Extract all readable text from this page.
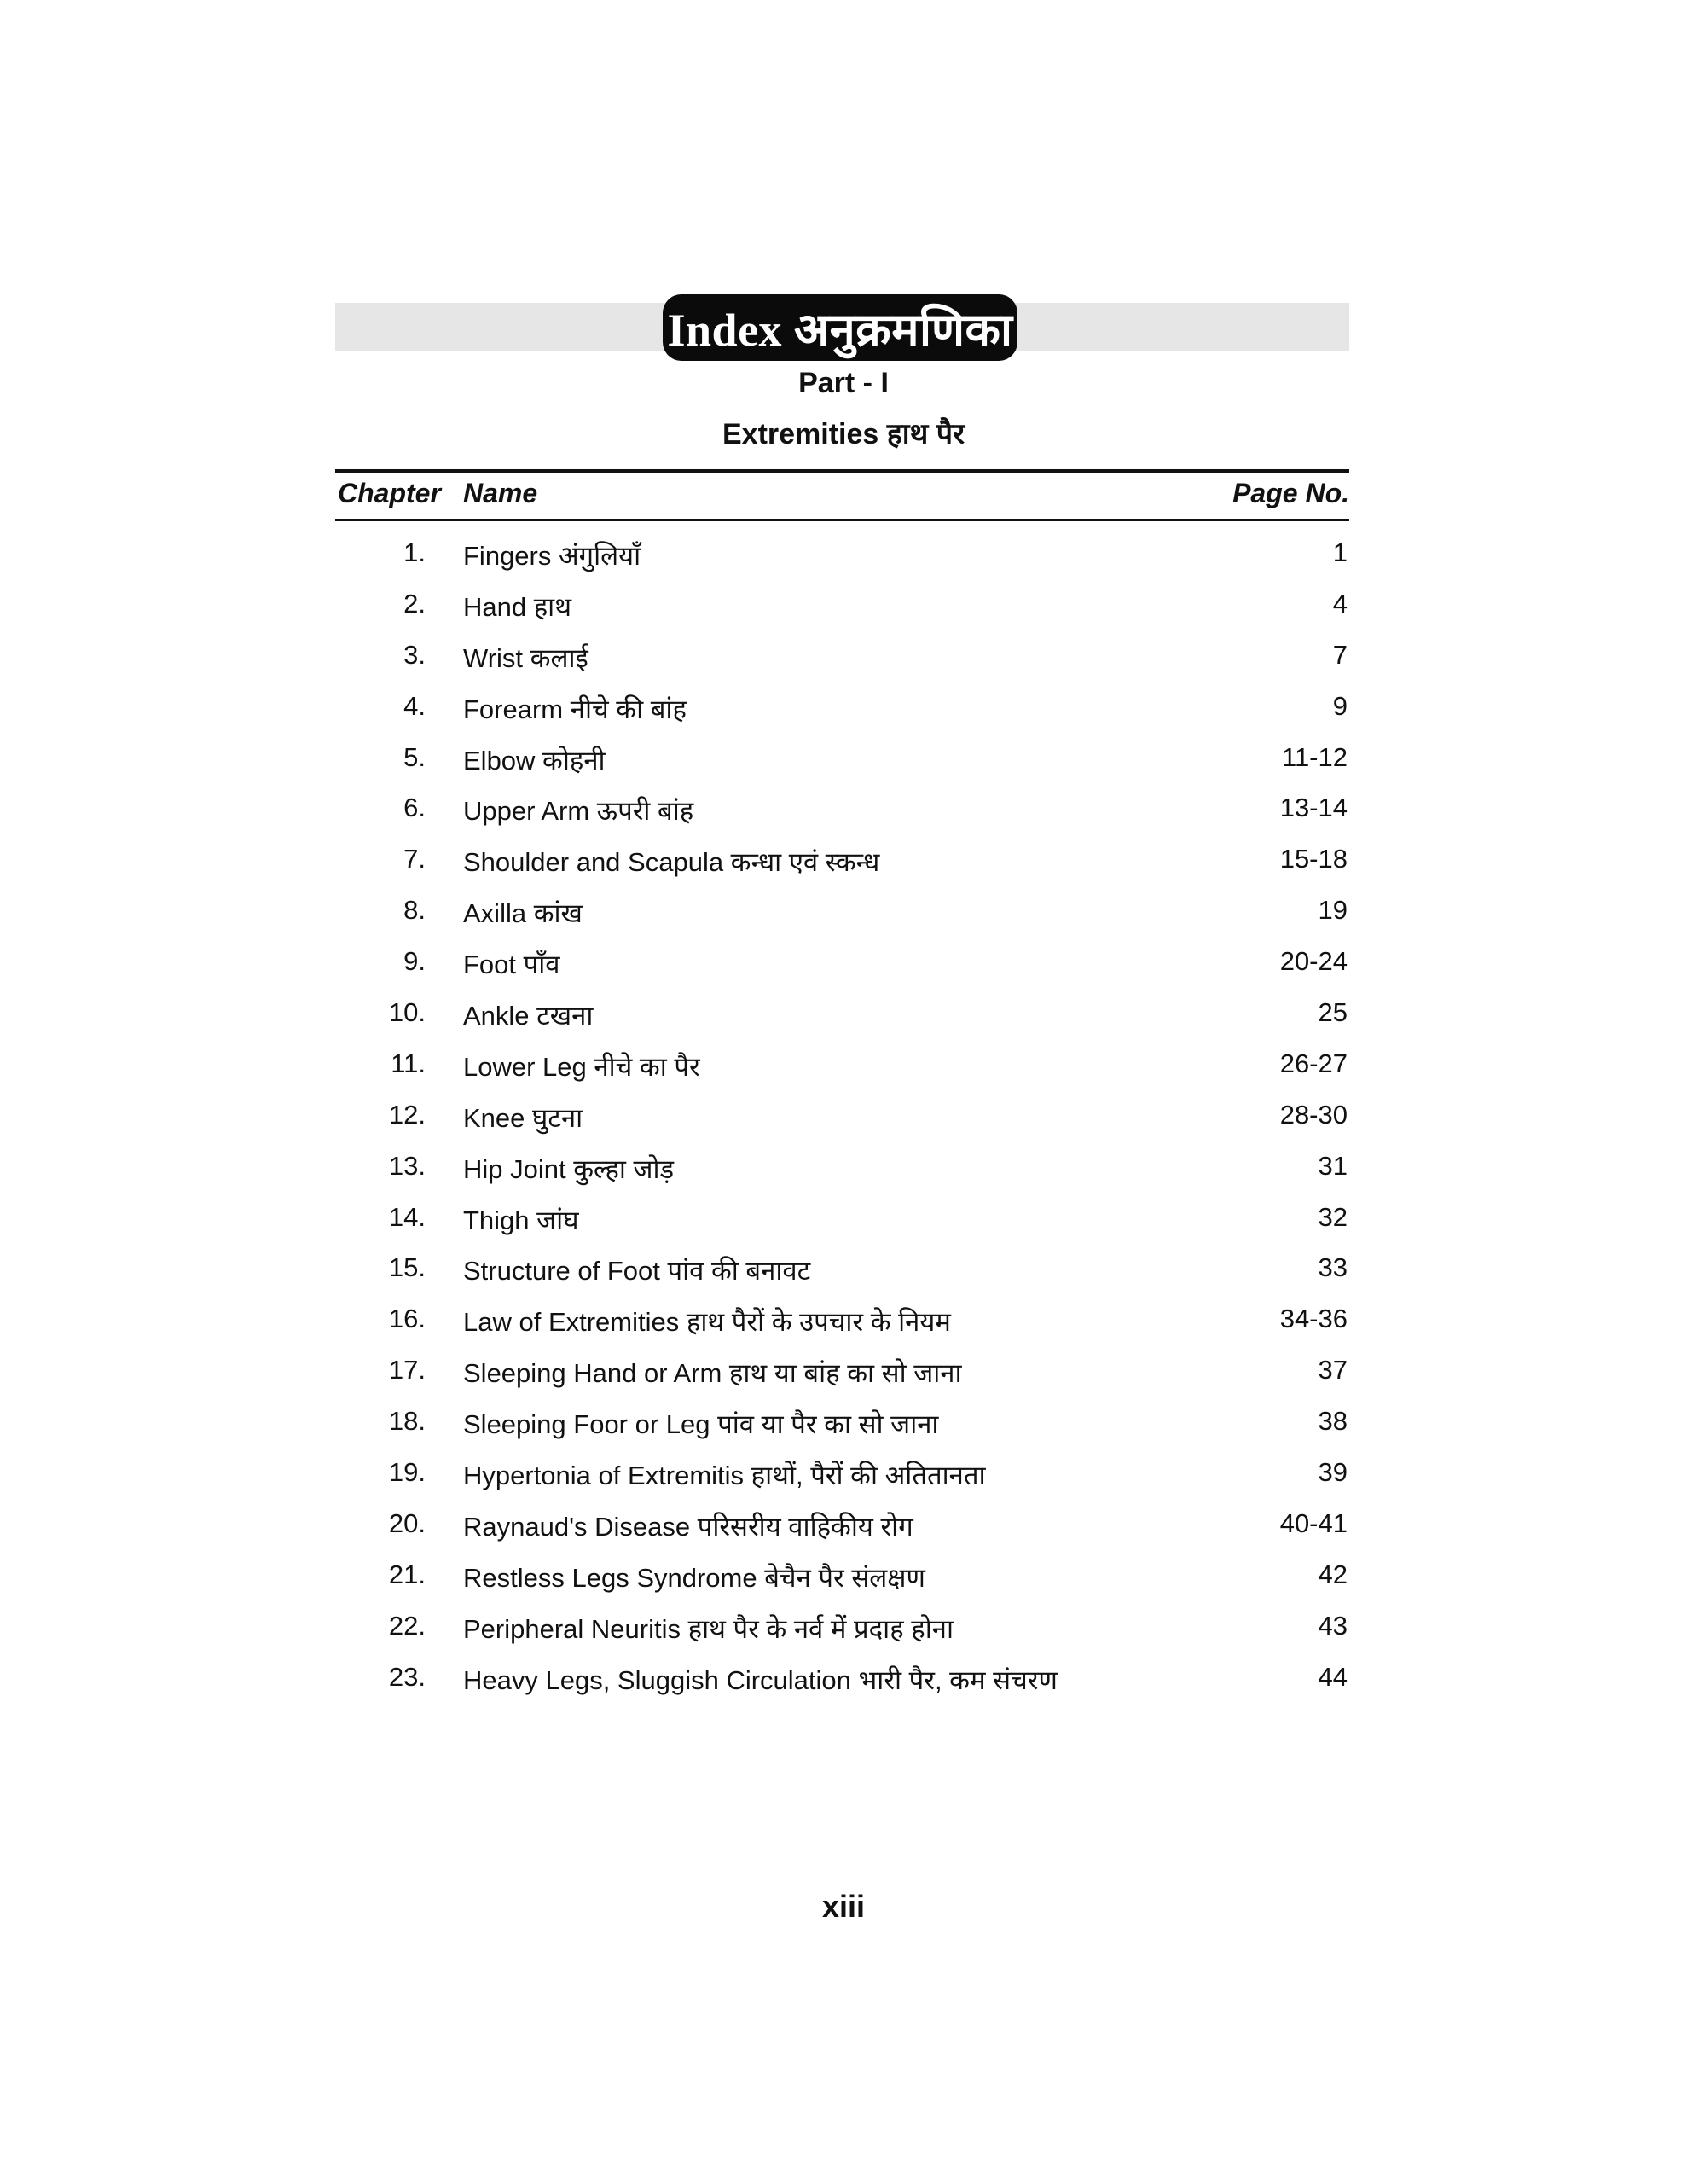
Index अनुक्रमणिका
Part - I
Extremities हाथ पैर
Chapter Name	Page No.
1. Fingers अंगुलियाँ	1
2. Hand हाथ	4
3. Wrist कलाई	7
4. Forearm नीचे की बांह	9
5. Elbow कोहनी	11-12
6. Upper Arm ऊपरी बांह	13-14
7. Shoulder and Scapula कन्धा एवं स्कन्ध	15-18
8. Axilla कांख	19
9. Foot पाँव	20-24
10. Ankle टखना	25
11. Lower Leg नीचे का पैर	26-27
12. Knee घुटना	28-30
13. Hip Joint कुल्हा जोड़	31
14. Thigh जांघ	32
15. Structure of Foot पांव की बनावट	33
16. Law of Extremities हाथ पैरों के उपचार के नियम	34-36
17. Sleeping Hand or Arm हाथ या बांह का सो जाना	37
18. Sleeping Foor or Leg पांव या पैर का सो जाना	38
19. Hypertonia of Extremitis हाथों, पैरों की अतितानता	39
20. Raynaud's Disease परिसरीय वाहिकीय रोग	40-41
21. Restless Legs Syndrome बेचैन पैर संलक्षण	42
22. Peripheral Neuritis हाथ पैर के नर्व में प्रदाह होना	43
23. Heavy Legs, Sluggish Circulation भारी पैर, कम संचरण	44
xiii
